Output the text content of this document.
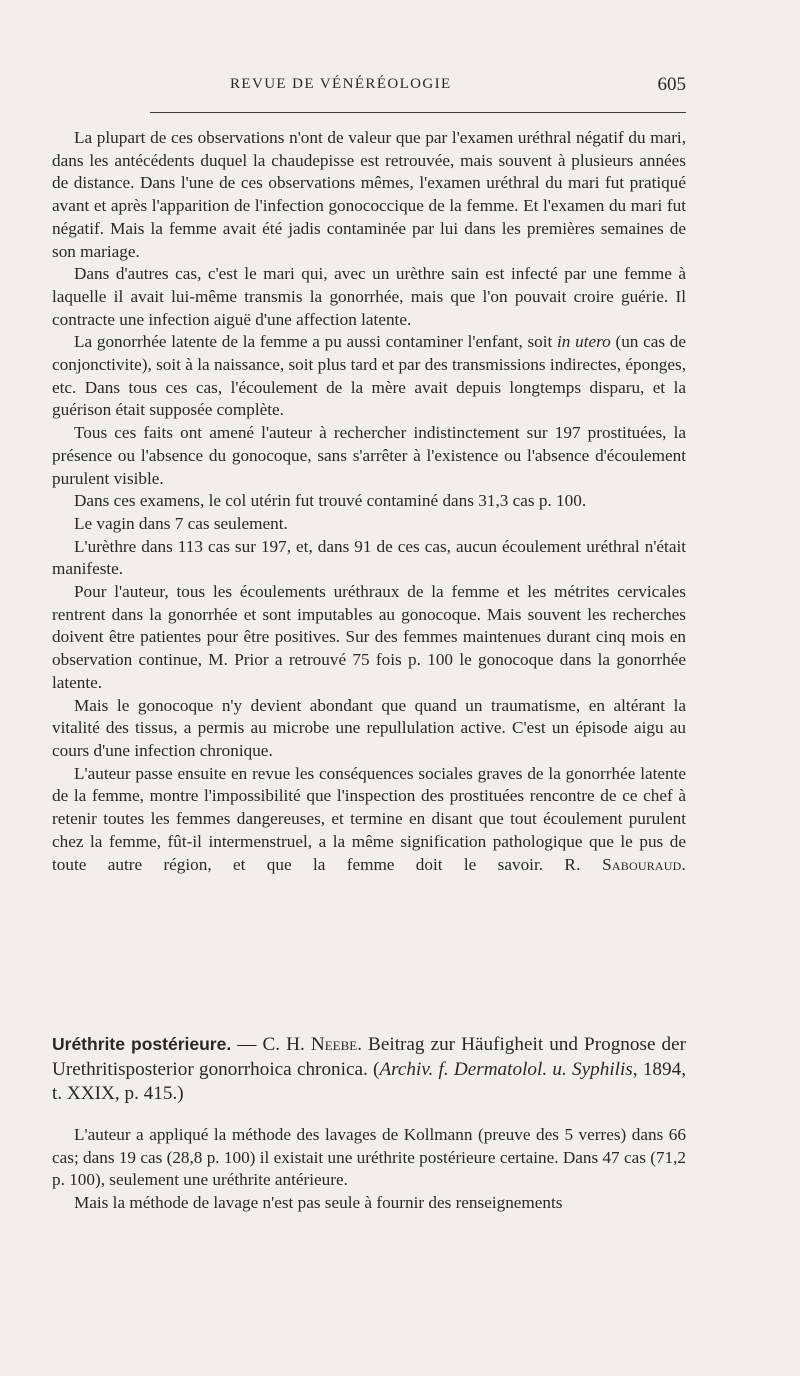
REVUE DE VÉNÉRÉOLOGIE	605

La plupart de ces observations n'ont de valeur que par l'examen uréthral négatif du mari, dans les antécédents duquel la chaudepisse est retrouvée, mais souvent à plusieurs années de distance. Dans l'une de ces observations mêmes, l'examen uréthral du mari fut pratiqué avant et après l'apparition de l'infection gonococcique de la femme. Et l'examen du mari fut négatif. Mais la femme avait été jadis contaminée par lui dans les premières semaines de son mariage.

Dans d'autres cas, c'est le mari qui, avec un urèthre sain est infecté par une femme à laquelle il avait lui-même transmis la gonorrhée, mais que l'on pouvait croire guérie. Il contracte une infection aiguë d'une affection latente.

La gonorrhée latente de la femme a pu aussi contaminer l'enfant, soit in utero (un cas de conjonctivite), soit à la naissance, soit plus tard et par des transmissions indirectes, éponges, etc. Dans tous ces cas, l'écoulement de la mère avait depuis longtemps disparu, et la guérison était supposée complète.

Tous ces faits ont amené l'auteur à rechercher indistinctement sur 197 prostituées, la présence ou l'absence du gonocoque, sans s'arrêter à l'existence ou l'absence d'écoulement purulent visible.

Dans ces examens, le col utérin fut trouvé contaminé dans 31,3 cas p. 100.

Le vagin dans 7 cas seulement.

L'urèthre dans 113 cas sur 197, et, dans 91 de ces cas, aucun écoulement uréthral n'était manifeste.

Pour l'auteur, tous les écoulements uréthraux de la femme et les métrites cervicales rentrent dans la gonorrhée et sont imputables au gonocoque. Mais souvent les recherches doivent être patientes pour être positives. Sur des femmes maintenues durant cinq mois en observation continue, M. Prior a retrouvé 75 fois p. 100 le gonocoque dans la gonorrhée latente.

Mais le gonocoque n'y devient abondant que quand un traumatisme, en altérant la vitalité des tissus, a permis au microbe une repullulation active. C'est un épisode aigu au cours d'une infection chronique.

L'auteur passe ensuite en revue les conséquences sociales graves de la gonorrhée latente de la femme, montre l'impossibilité que l'inspection des prostituées rencontre de ce chef à retenir toutes les femmes dangereuses, et termine en disant que tout écoulement purulent chez la femme, fût-il intermenstruel, a la même signification pathologique que le pus de toute autre région, et que la femme doit le savoir. R. Sabouraud.

Uréthrite postérieure. — C. H. Neebe. Beitrag zur Häufigheit und Prognose der Urethritisposterior gonorrhoica chronica. (Archiv. f. Dermatolol. u. Syphilis, 1894, t. XXIX, p. 415.)

L'auteur a appliqué la méthode des lavages de Kollmann (preuve des 5 verres) dans 66 cas; dans 19 cas (28,8 p. 100) il existait une uréthrite postérieure certaine. Dans 47 cas (71,2 p. 100), seulement une uréthrite antérieure.

Mais la méthode de lavage n'est pas seule à fournir des renseignements
